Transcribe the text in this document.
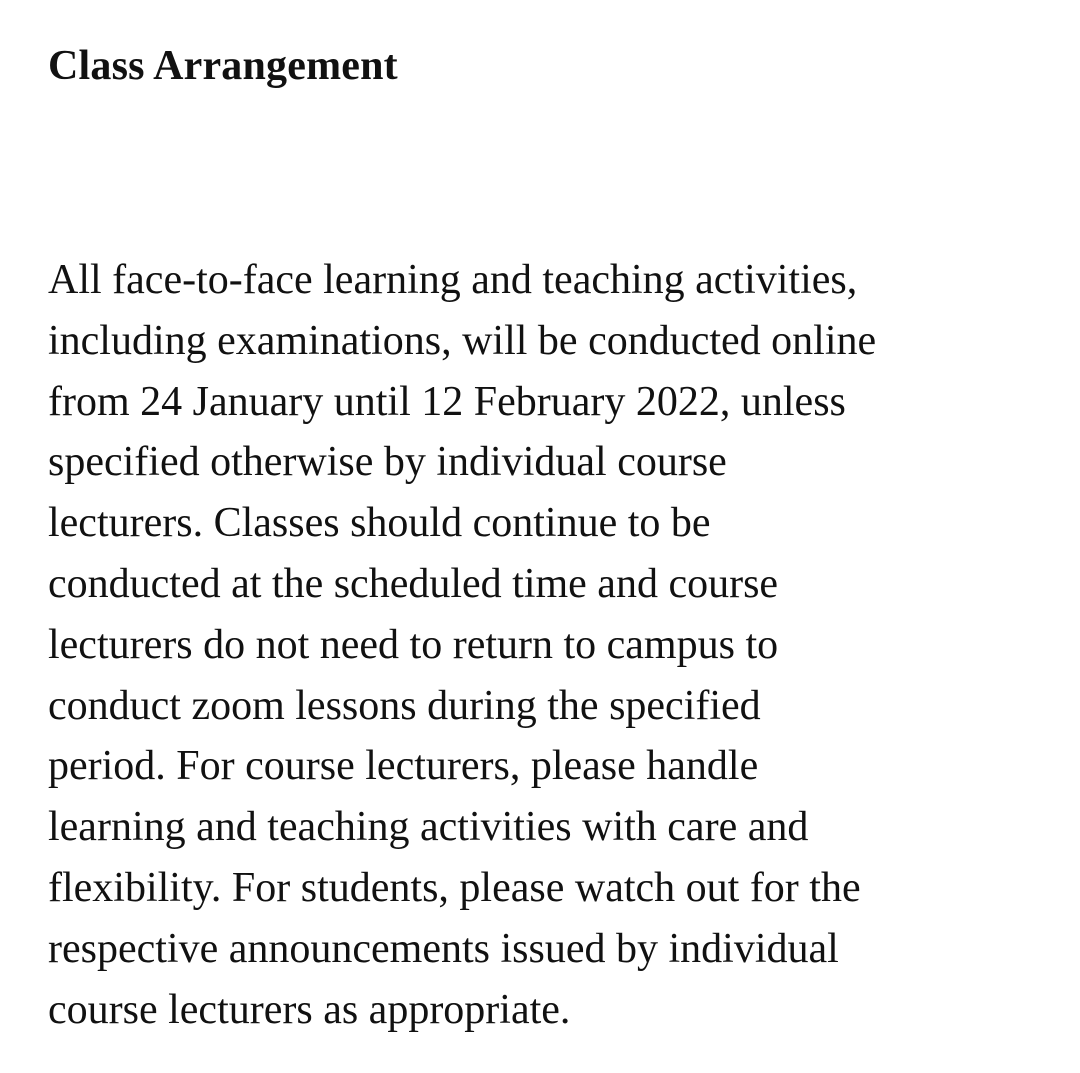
Class Arrangement
All face-to-face learning and teaching activities,
including examinations, will be conducted online
from 24 January until 12 February 2022, unless
specified otherwise by individual course
lecturers. Classes should continue to be
conducted at the scheduled time and course
lecturers do not need to return to campus to
conduct zoom lessons during the specified
period. For course lecturers, please handle
learning and teaching activities with care and
flexibility. For students, please watch out for the
respective announcements issued by individual
course lecturers as appropriate.
